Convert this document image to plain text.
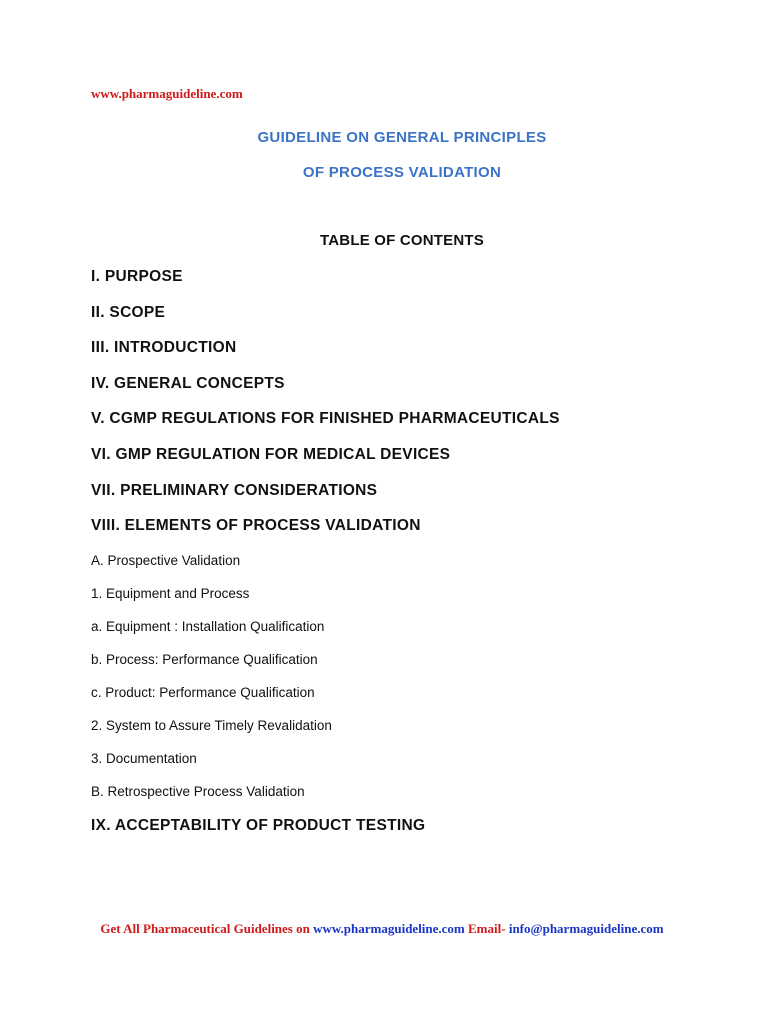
www.pharmaguideline.com
GUIDELINE ON GENERAL PRINCIPLES
OF PROCESS VALIDATION
TABLE OF CONTENTS
I. PURPOSE
II. SCOPE
III. INTRODUCTION
IV. GENERAL CONCEPTS
V. CGMP REGULATIONS FOR FINISHED PHARMACEUTICALS
VI. GMP REGULATION FOR MEDICAL DEVICES
VII. PRELIMINARY CONSIDERATIONS
VIII. ELEMENTS OF PROCESS VALIDATION
A. Prospective Validation
1. Equipment and Process
a. Equipment : Installation Qualification
b. Process: Performance Qualification
c. Product: Performance Qualification
2. System to Assure Timely Revalidation
3. Documentation
B. Retrospective Process Validation
IX. ACCEPTABILITY OF PRODUCT TESTING
Get All Pharmaceutical Guidelines on www.pharmaguideline.com Email- info@pharmaguideline.com
